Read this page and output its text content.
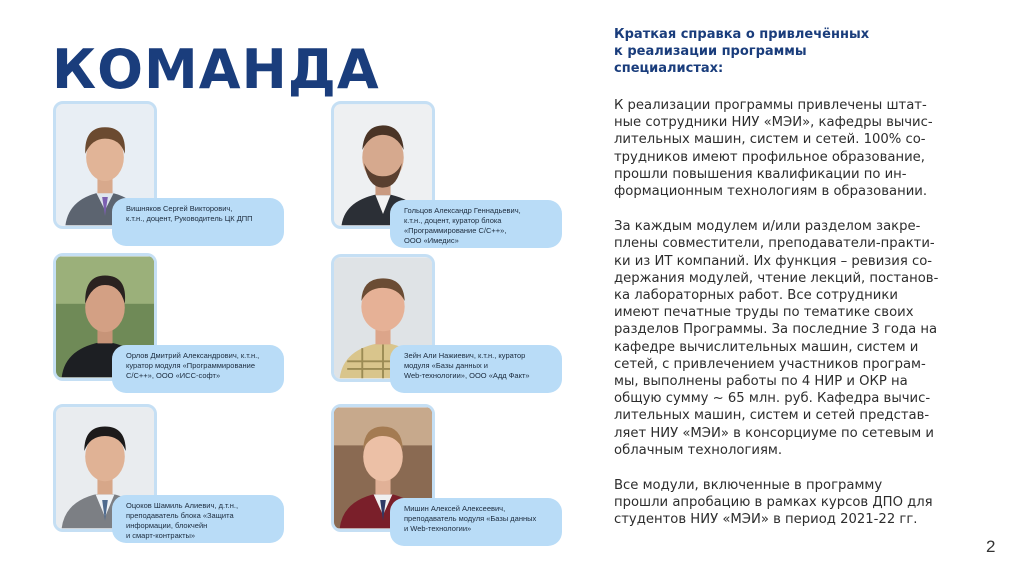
КОМАНДА
Вишняков Сергей Викторович,
к.т.н., доцент, Руководитель ЦК ДПП
Гольцов Александр Геннадьевич,
к.т.н., доцент, куратор блока
«Программирование С/С++»,
ООО «Имедис»
Орлов Дмитрий Александрович, к.т.н.,
куратор модуля «Программирование
С/С++», ООО «ИСС-софт»
Зейн Али Нажиевич, к.т.н., куратор
модуля «Базы данных и
Web-технологии», ООО «Адд Факт»
Оцоков Шамиль Алиевич, д.т.н.,
преподаватель блока «Защита
информации, блокчейн
и смарт-контракты»
Мишин Алексей Алексеевич,
преподаватель модуля «Базы данных
и Web-технологии»
Краткая справка о привлечённых
к реализации программы
специалистах:
К реализации программы привлечены штат-
ные сотрудники НИУ «МЭИ», кафедры вычис-
лительных машин, систем и сетей. 100% со-
трудников имеют профильное образование,
прошли повышения квалификации по ин-
формационным технологиям в образовании.
За каждым модулем и/или разделом закре-
плены совместители, преподаватели-практи-
ки из ИТ компаний. Их функция – ревизия со-
держания модулей, чтение лекций, постанов-
ка лабораторных работ. Все сотрудники
имеют печатные труды по тематике своих
разделов Программы. За последние 3 года на
кафедре вычислительных машин, систем и
сетей, с привлечением участников програм-
мы, выполнены работы по 4 НИР и ОКР на
общую сумму ~ 65 млн. руб. Кафедра вычис-
лительных машин, систем и сетей представ-
ляет НИУ «МЭИ» в консорциуме по сетевым и
облачным технологиям.
Все модули, включенные в программу
прошли апробацию в рамках курсов ДПО для
студентов НИУ «МЭИ» в период 2021-22 гг.
2
